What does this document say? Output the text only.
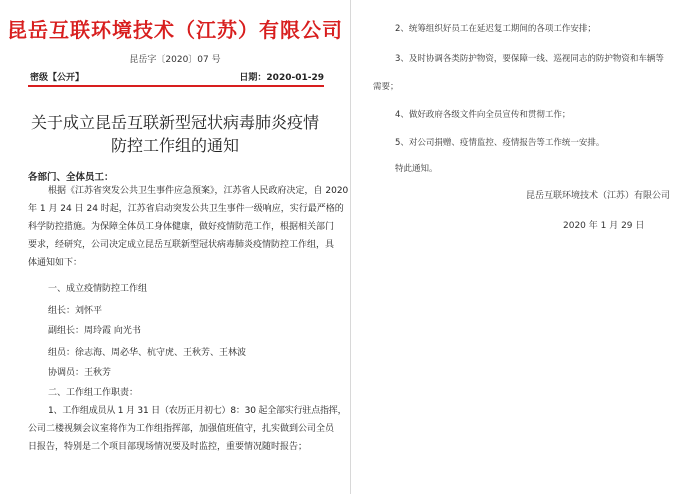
昆岳互联环境技术（江苏）有限公司
昆岳字〔2020〕07 号
密级【公开】	日期：2020-01-29
关于成立昆岳互联新型冠状病毒肺炎疫情
防控工作组的通知
各部门、全体员工：
根据《江苏省突发公共卫生事件应急预案》，江苏省人民政府决定，自 2020
年 1 月 24 日 24 时起，江苏省启动突发公共卫生事件一级响应，实行最严格的
科学防控措施。为保障全体员工身体健康，做好疫情防范工作，根据相关部门
要求，经研究，公司决定成立昆岳互联新型冠状病毒肺炎疫情防控工作组，具
体通知如下：
一、成立疫情防控工作组
组长：刘怀平
副组长：周玲霞 向光书
组员：徐志海、周必华、杭守虎、王秋芳、王林波
协调员：王秋芳
二、工作组工作职责：
1、工作组成员从 1 月 31 日（农历正月初七）8：30 起全部实行驻点指挥，
公司二楼视频会议室将作为工作组指挥部，加强值班值守，扎实做到公司全员
日报告，特别是二个项目部现场情况要及时监控，重要情况随时报告；
2、统筹组织好员工在延迟复工期间的各项工作安排；
3、及时协调各类防护物资，要保障一线、巡视同志的防护物资和车辆等
需要；
4、做好政府各级文件向全员宣传和贯彻工作；
5、对公司捐赠、疫情监控、疫情报告等工作统一安排。
特此通知。
昆岳互联环境技术（江苏）有限公司
2020 年 1 月 29 日
